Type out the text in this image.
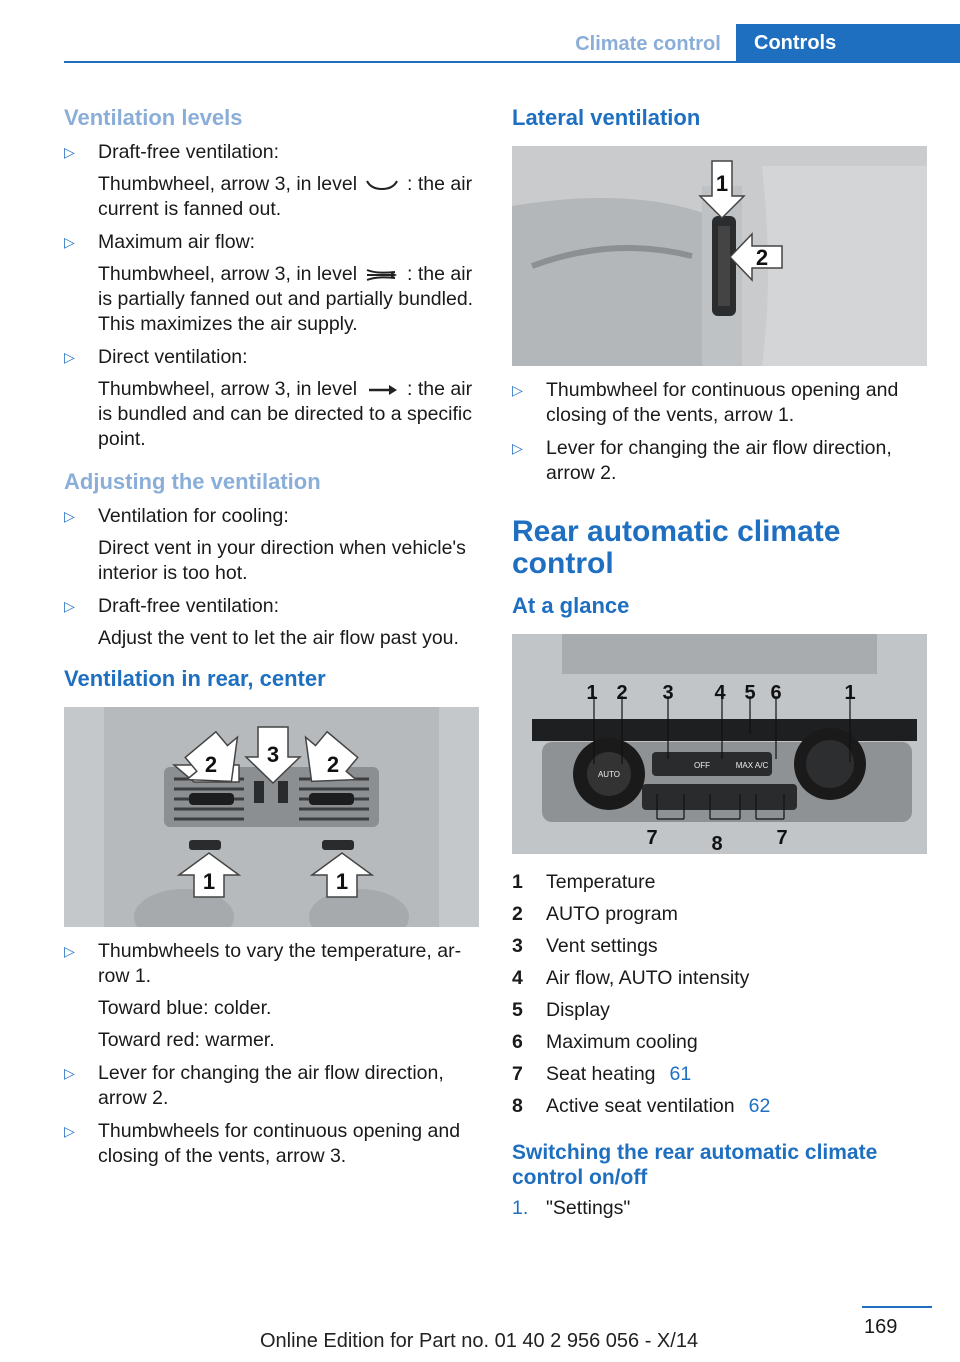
Climate control	Controls
Ventilation levels
▷ Draft-free ventilation:

Thumbwheel, arrow 3, in level	: the air current is fanned out.

▷ Maximum air flow:

Thumbwheel, arrow 3, in level	: the air is partially fanned out and partially bundled. This maximizes the air supply.

▷ Direct ventilation:

Thumbwheel, arrow 3, in level	: the air is bundled and can be directed to a specific point.

Adjusting the ventilation
▷ Ventilation for cooling:

Direct vent in your direction when vehicle's interior is too hot.

▷ Draft-free ventilation:

Adjust the vent to let the air flow past you.

Ventilation in rear, center
2 3 2
1	1
▷ Thumbwheels to vary the temperature, arrow 1.

Toward blue: colder.

Toward red: warmer.

▷ Lever for changing the air flow direction, arrow 2.

▷ Thumbwheels for continuous opening and closing of the vents, arrow 3.

Lateral ventilation
1
2
▷ Thumbwheel for continuous opening and closing of the vents, arrow 1.

▷ Lever for changing the air flow direction, arrow 2.

Rear automatic climate control
At a glance
AUTO
OFF	MAX A/C
1 2 3 4 5 6	1
7	8	7
1	Temperature
2	AUTO program
3	Vent settings
4	Air flow, AUTO intensity
5	Display
6	Maximum cooling
7	Seat heating 61
8	Active seat ventilation 62
Switching the rear automatic climate control on/off
1. "Settings"

169
Online Edition for Part no. 01 40 2 956 056 - X/14
